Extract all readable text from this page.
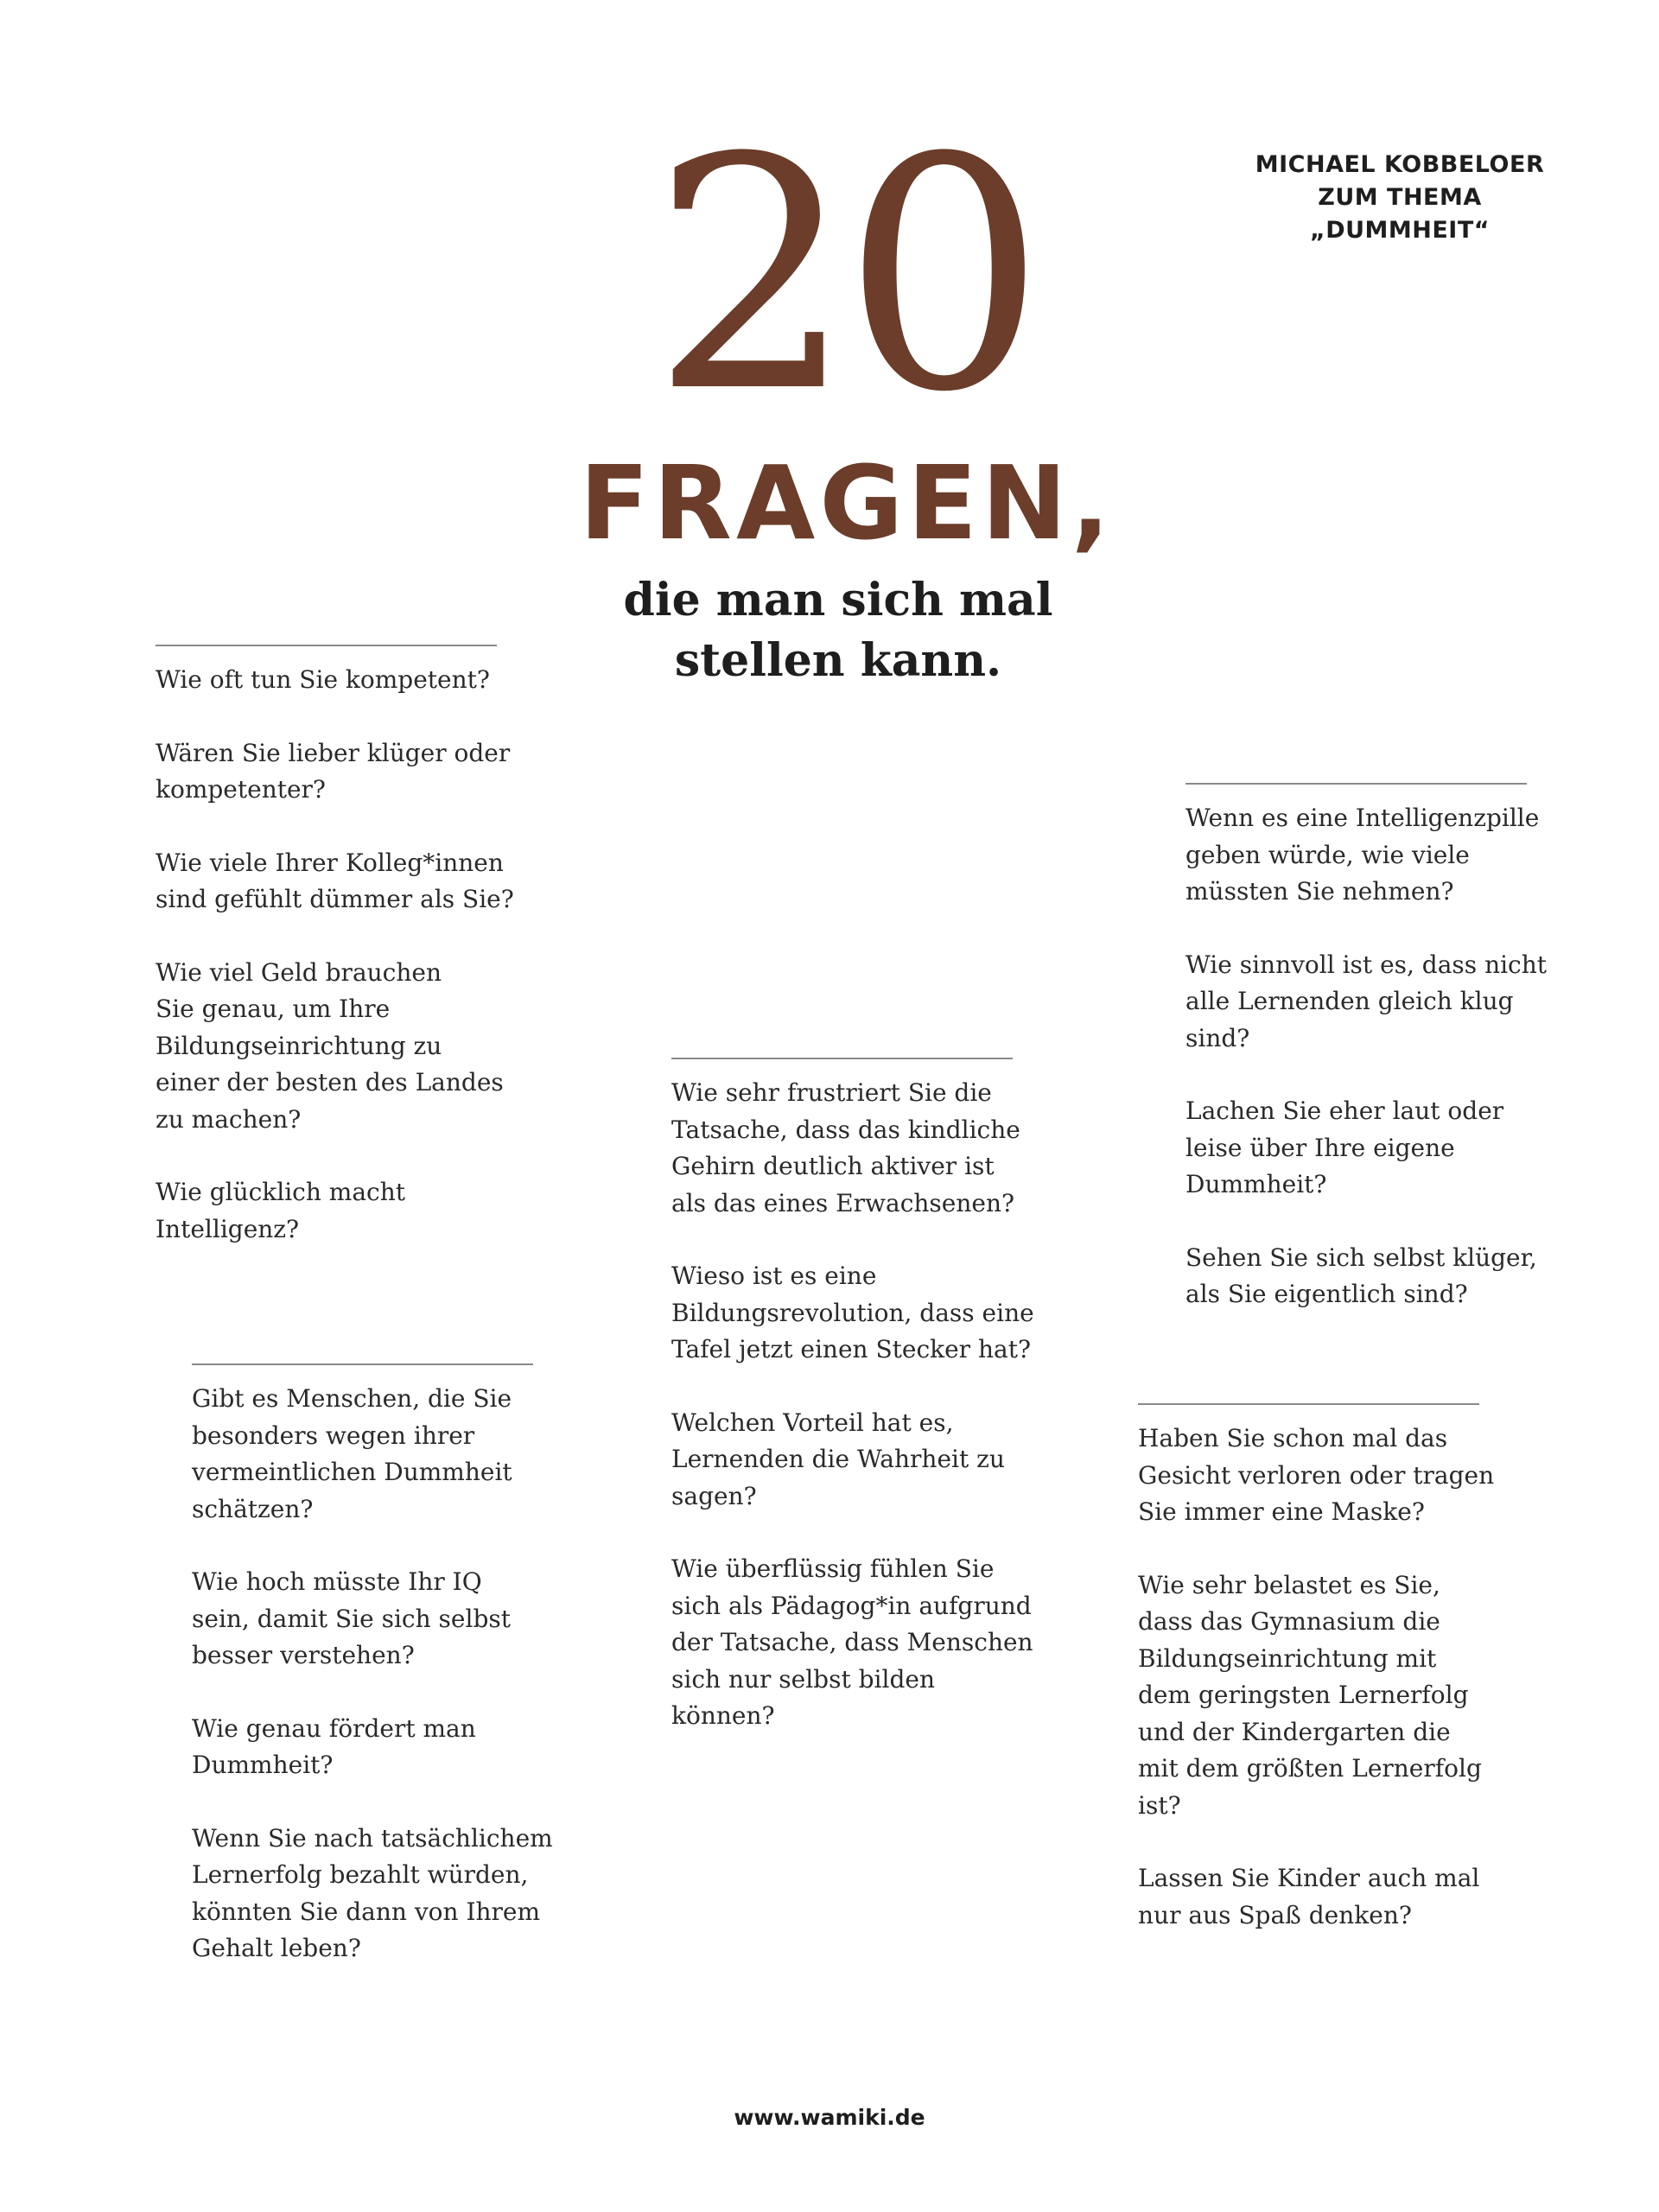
MICHAEL KOBBELOER
ZUM THEMA
„DUMMHEIT“
20
FRAGEN,
die man sich mal
stellen kann.
Wie oft tun Sie kompetent?
Wären Sie lieber klüger oder
kompetenter?
Wie viele Ihrer Kolleg*innen
sind gefühlt dümmer als Sie?
Wie viel Geld brauchen
Sie genau, um Ihre
Bildungseinrichtung zu
einer der besten des Landes
zu machen?
Wie glücklich macht
Intelligenz?
Gibt es Menschen, die Sie
besonders wegen ihrer
vermeintlichen Dummheit
schätzen?
Wie hoch müsste Ihr IQ
sein, damit Sie sich selbst
besser verstehen?
Wie genau fördert man
Dummheit?
Wenn Sie nach tatsächlichem
Lernerfolg bezahlt würden,
könnten Sie dann von Ihrem
Gehalt leben?
Wie sehr frustriert Sie die
Tatsache, dass das kindliche
Gehirn deutlich aktiver ist
als das eines Erwachsenen?
Wieso ist es eine
Bildungsrevolution, dass eine
Tafel jetzt einen Stecker hat?
Welchen Vorteil hat es,
Lernenden die Wahrheit zu
sagen?
Wie überflüssig fühlen Sie
sich als Pädagog*in aufgrund
der Tatsache, dass Menschen
sich nur selbst bilden
können?
Wenn es eine Intelligenzpille
geben würde, wie viele
müssten Sie nehmen?
Wie sinnvoll ist es, dass nicht
alle Lernenden gleich klug
sind?
Lachen Sie eher laut oder
leise über Ihre eigene
Dummheit?
Sehen Sie sich selbst klüger,
als Sie eigentlich sind?
Haben Sie schon mal das
Gesicht verloren oder tragen
Sie immer eine Maske?
Wie sehr belastet es Sie,
dass das Gymnasium die
Bildungseinrichtung mit
dem geringsten Lernerfolg
und der Kindergarten die
mit dem größten Lernerfolg
ist?
Lassen Sie Kinder auch mal
nur aus Spaß denken?
www.wamiki.de
